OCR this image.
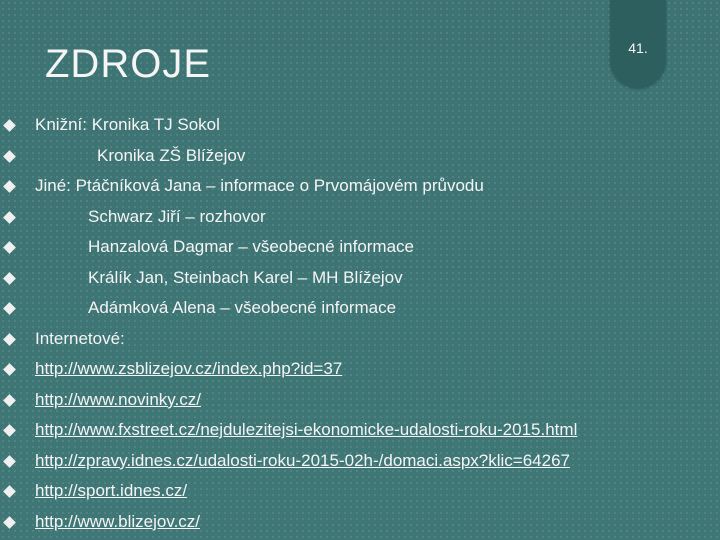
ZDROJE	41.
Knižní: Kronika TJ Sokol
Kronika ZŠ Blížejov
Jiné: Ptáčníková Jana – informace o Prvomájovém průvodu
Schwarz Jiří – rozhovor
Hanzalová Dagmar – všeobecné informace
Králík Jan, Steinbach Karel – MH Blížejov
Adámková Alena – všeobecné informace
Internetové:
http://www.zsblizejov.cz/index.php?id=37
http://www.novinky.cz/
http://www.fxstreet.cz/nejdulezitejsi-ekonomicke-udalosti-roku-2015.html
http://zpravy.idnes.cz/udalosti-roku-2015-02h-/domaci.aspx?klic=64267
http://sport.idnes.cz/
http://www.blizejov.cz/
